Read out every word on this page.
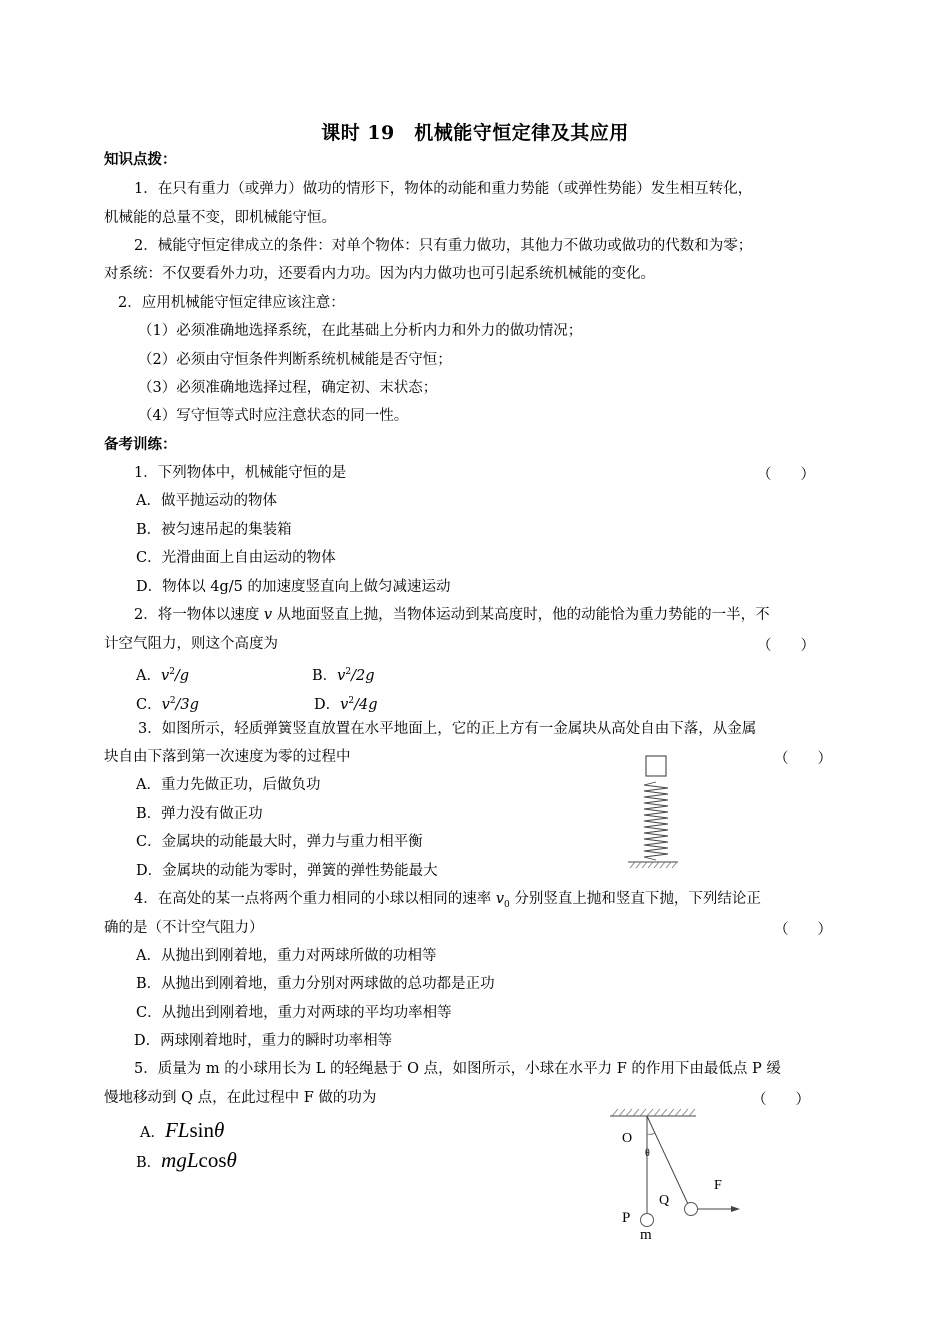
课时 19　机械能守恒定律及其应用
知识点拨：
1．在只有重力（或弹力）做功的情形下，物体的动能和重力势能（或弹性势能）发生相互转化，
机械能的总量不变，即机械能守恒。
2．械能守恒定律成立的条件：对单个物体：只有重力做功，其他力不做功或做功的代数和为零；
对系统：不仅要看外力功，还要看内力功。因为内力做功也可引起系统机械能的变化。
2．应用机械能守恒定律应该注意：
（1）必须准确地选择系统，在此基础上分析内力和外力的做功情况；
（2）必须由守恒条件判断系统机械能是否守恒；
（3）必须准确地选择过程，确定初、末状态；
（4）写守恒等式时应注意状态的同一性。
备考训练：
1．下列物体中，机械能守恒的是	（　　）
A．做平抛运动的物体
B．被匀速吊起的集装箱
C．光滑曲面上自由运动的物体
D．物体以 4g/5 的加速度竖直向上做匀减速运动
2．将一物体以速度 v 从地面竖直上抛，当物体运动到某高度时，他的动能恰为重力势能的一半，不
计空气阻力，则这个高度为	（　　）
A．$v^2/g$	B．$v^2/2g$
C．$v^2/3g$	D．$v^2/4g$
3．如图所示，轻质弹簧竖直放置在水平地面上，它的正上方有一金属块从高处自由下落，从金属
块自由下落到第一次速度为零的过程中	（　　）
A．重力先做正功，后做负功
B．弹力没有做正功
C．金属块的动能最大时，弹力与重力相平衡
D．金属块的动能为零时，弹簧的弹性势能最大
4．在高处的某一点将两个重力相同的小球以相同的速率 $v_0$ 分别竖直上抛和竖直下抛，下列结论正
确的是（不计空气阻力）	（　　）
A．从抛出到刚着地，重力对两球所做的功相等
B．从抛出到刚着地，重力分别对两球做的总功都是正功
C．从抛出到刚着地，重力对两球的平均功率相等
D．两球刚着地时，重力的瞬时功率相等
5．质量为 m 的小球用长为 L 的轻绳悬于 O 点，如图所示，小球在水平力 F 的作用下由最低点 P 缓
慢地移动到 Q 点，在此过程中 F 做的功为	（　　）
A．FLsinθ
B．mgLcosθ
O
θ
Q
P
F
m
